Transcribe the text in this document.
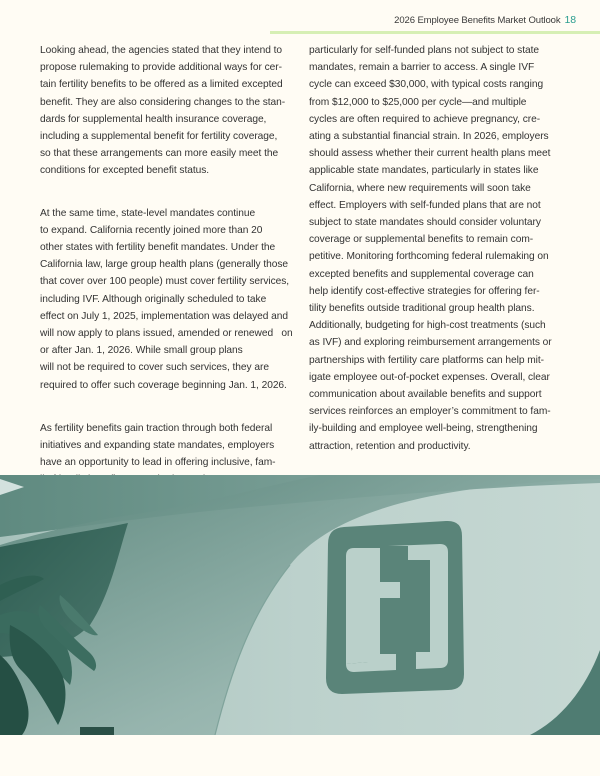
2026 Employee Benefits Market Outlook 18

Looking ahead, the agencies stated that they intend to
propose rulemaking to provide additional ways for cer-
tain fertility benefits to be offered as a limited excepted
benefit. They are also considering changes to the stan-
dards for supplemental health insurance coverage,
including a supplemental benefit for fertility coverage,
so that these arrangements can more easily meet the
conditions for excepted benefit status.

At the same time, state-level mandates continue
to expand. California recently joined more than 20
other states with fertility benefit mandates. Under the
California law, large group health plans (generally those
that cover over 100 people) must cover fertility services,
including IVF. Although originally scheduled to take
effect on July 1, 2025, implementation was delayed and
will now apply to plans issued, amended or renewed   on
or after Jan. 1, 2026. While small group plans
will not be required to cover such services, they are
required to offer such coverage beginning Jan. 1, 2026.

As fertility benefits gain traction through both federal
initiatives and expanding state mandates, employers
have an opportunity to lead in offering inclusive, fam-

particularly for self-funded plans not subject to state
mandates, remain a barrier to access. A single IVF
cycle can exceed $30,000, with typical costs ranging
from $12,000 to $25,000 per cycle—and multiple
cycles are often required to achieve pregnancy, cre-
ating a substantial financial strain. In 2026, employers
should assess whether their current health plans meet
applicable state mandates, particularly in states like
California, where new requirements will soon take
effect. Employers with self-funded plans that are not
subject to state mandates should consider voluntary
coverage or supplemental benefits to remain com-
petitive. Monitoring forthcoming federal rulemaking on
excepted benefits and supplemental coverage can
help identify cost-effective strategies for offering fer-
tility benefits outside traditional group health plans.
Additionally, budgeting for high-cost treatments (such
as IVF) and exploring reimbursement arrangements or
partnerships with fertility care platforms can help mit-
igate employee out-of-pocket expenses. Overall, clear
communication about available benefits and support
services reinforces an employer’s commitment to fam-
ily-building and employee well-being, strengthening
attraction, retention and productivity.
